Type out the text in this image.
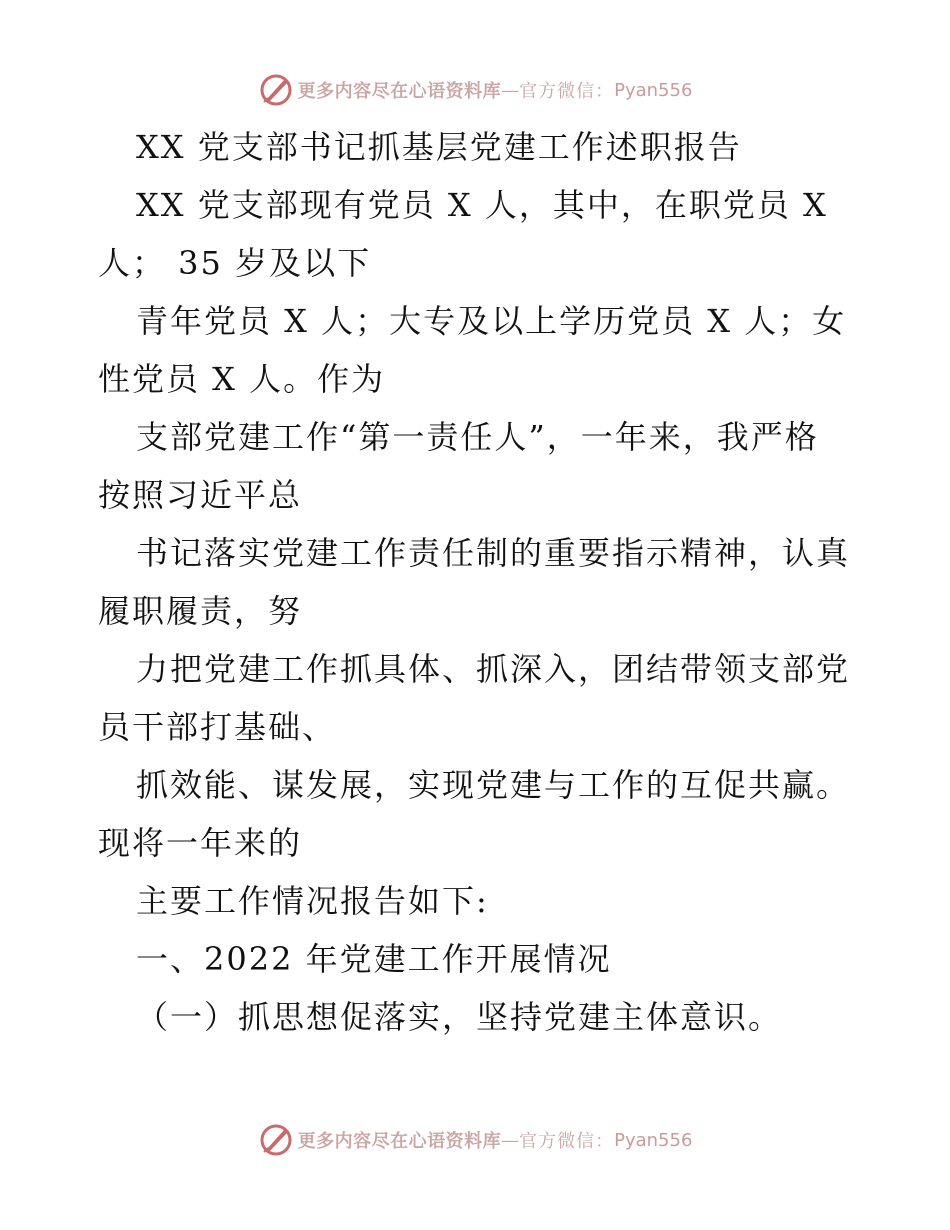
更多内容尽在心语资料库 — 官方微信： Pyan556
XX 党支部书记抓基层党建工作述职报告
XX 党支部现有党员 X 人，其中，在职党员 X
人； 35 岁及以下
青年党员 X 人；大专及以上学历党员 X 人；女
性党员 X 人。作为
支部党建工作“第一责任人”，一年来，我严格
按照习近平总
书记落实党建工作责任制的重要指示精神，认真
履职履责，努
力把党建工作抓具体、抓深入，团结带领支部党
员干部打基础、
抓效能、谋发展，实现党建与工作的互促共赢。
现将一年来的
主要工作情况报告如下:
一、2022 年党建工作开展情况
（一）抓思想促落实，坚持党建主体意识。
更多内容尽在心语资料库 — 官方微信： Pyan556
